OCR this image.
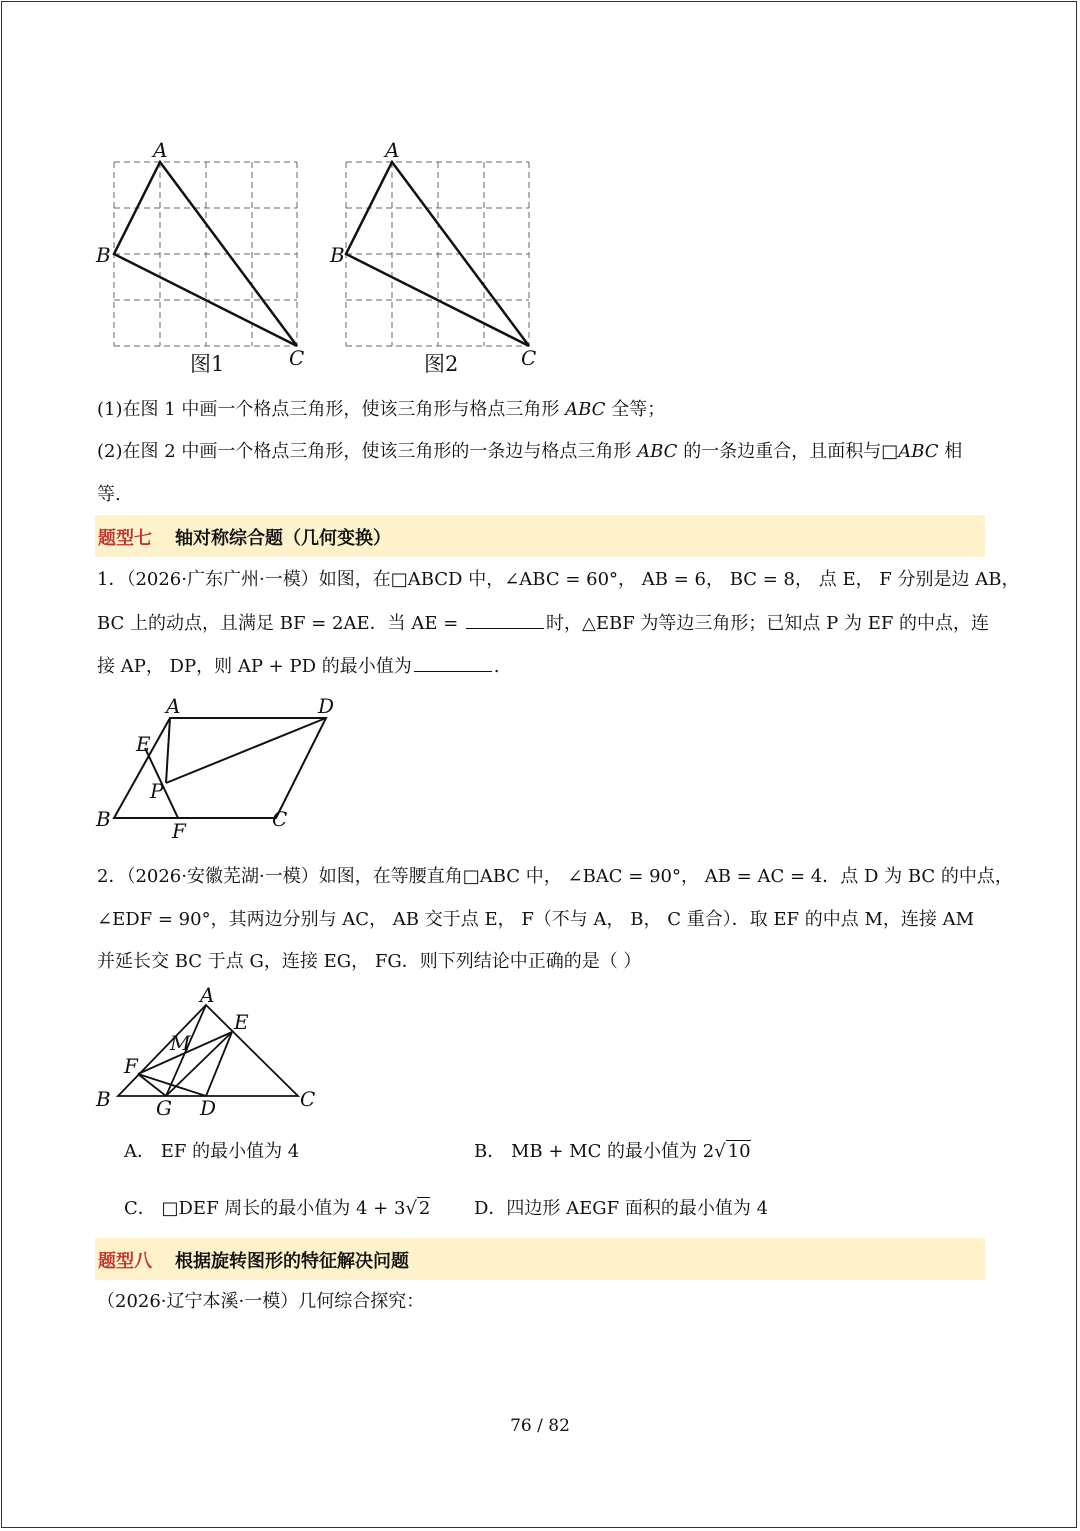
A
B
C
图1
A
B
C
图2
(1)在图 1 中画一个格点三角形，使该三角形与格点三角形 ABC 全等；
(2)在图 2 中画一个格点三角形，使该三角形的一条边与格点三角形 ABC 的一条边重合，且面积与□ABC 相
等.
题型七 轴对称综合题（几何变换）
1．（2026·广东广州·一模）如图，在□ABCD 中，∠ABC = 60°， AB = 6， BC = 8， 点 E， F 分别是边 AB，
BC 上的动点，且满足 BF = 2AE．当 AE =	时，△EBF 为等边三角形；已知点 P 为 EF 的中点，连
接 AP， DP，则 AP + PD 的最小值为	.
A	D
E
P
B	F	C
2．（2026·安徽芜湖·一模）如图，在等腰直角□ABC 中， ∠BAC = 90°， AB = AC = 4．点 D 为 BC 的中点，
∠EDF = 90°，其两边分别与 AC， AB 交于点 E， F（不与 A， B， C 重合）．取 EF 的中点 M，连接 AM
并延长交 BC 于点 G，连接 EG， FG．则下列结论中正确的是（ ）
A
E
M
F
B G D	C
A． EF 的最小值为 4	B． MB + MC 的最小值为 2√ 10
C． □DEF 周长的最小值为 4 + 3√ 2 D．四边形 AEGF 面积的最小值为 4
题型八 根据旋转图形的特征解决问题
（2026·辽宁本溪·一模）几何综合探究：
76 / 82
